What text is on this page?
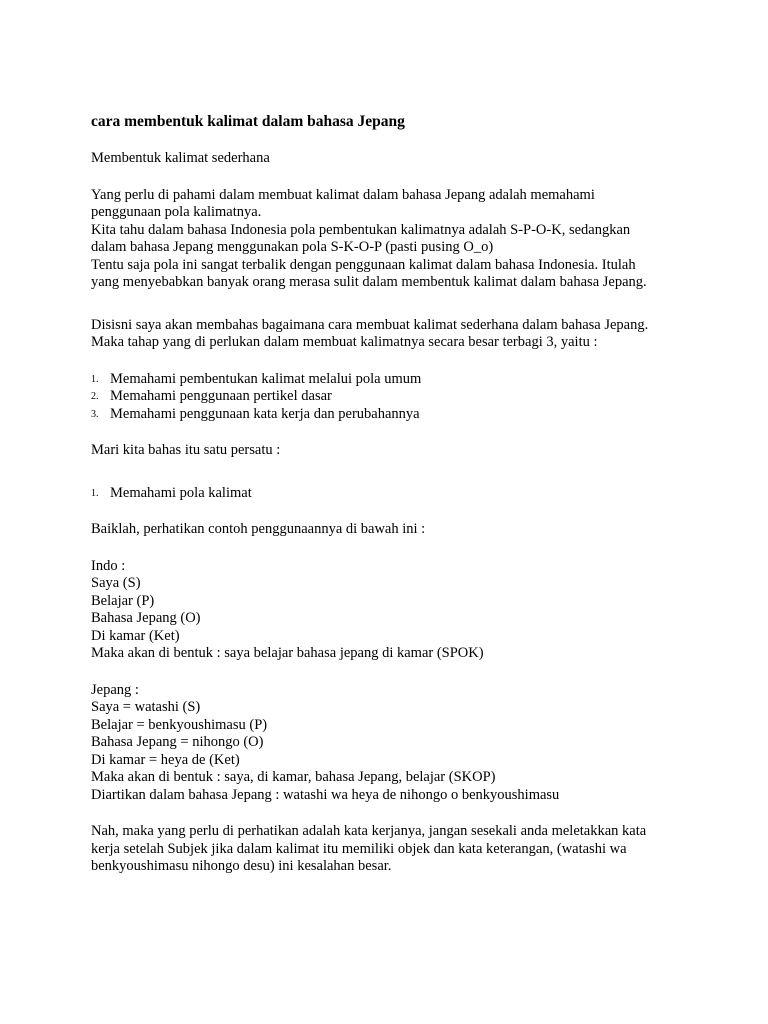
cara membentuk kalimat dalam bahasa Jepang

Membentuk kalimat sederhana

Yang perlu di pahami dalam membuat kalimat dalam bahasa Jepang adalah memahami

penggunaan pola kalimatnya.

Kita tahu dalam bahasa Indonesia pola pembentukan kalimatnya adalah S-P-O-K, sedangkan

dalam bahasa Jepang menggunakan pola S-K-O-P (pasti pusing O_o)

Tentu saja pola ini sangat terbalik dengan penggunaan kalimat dalam bahasa Indonesia. Itulah

yang menyebabkan banyak orang merasa sulit dalam membentuk kalimat dalam bahasa Jepang.

Disisni saya akan membahas bagaimana cara membuat kalimat sederhana dalam bahasa Jepang.

Maka tahap yang di perlukan dalam membuat kalimatnya secara besar terbagi 3, yaitu :

1. Memahami pembentukan kalimat melalui pola umum
2. Memahami penggunaan pertikel dasar
3. Memahami penggunaan kata kerja dan perubahannya

Mari kita bahas itu satu persatu :

1. Memahami pola kalimat

Baiklah, perhatikan contoh penggunaannya di bawah ini :

Indo :

Saya (S)

Belajar (P)

Bahasa Jepang (O)

Di kamar (Ket)

Maka akan di bentuk : saya belajar bahasa jepang di kamar (SPOK)

Jepang :

Saya = watashi (S)

Belajar = benkyoushimasu (P)

Bahasa Jepang = nihongo (O)

Di kamar = heya de (Ket)

Maka akan di bentuk : saya, di kamar, bahasa Jepang, belajar (SKOP)

Diartikan dalam bahasa Jepang : watashi wa heya de nihongo o benkyoushimasu

Nah, maka yang perlu di perhatikan adalah kata kerjanya, jangan sesekali anda meletakkan kata

kerja setelah Subjek jika dalam kalimat itu memiliki objek dan kata keterangan, (watashi wa

benkyoushimasu nihongo desu) ini kesalahan besar.
